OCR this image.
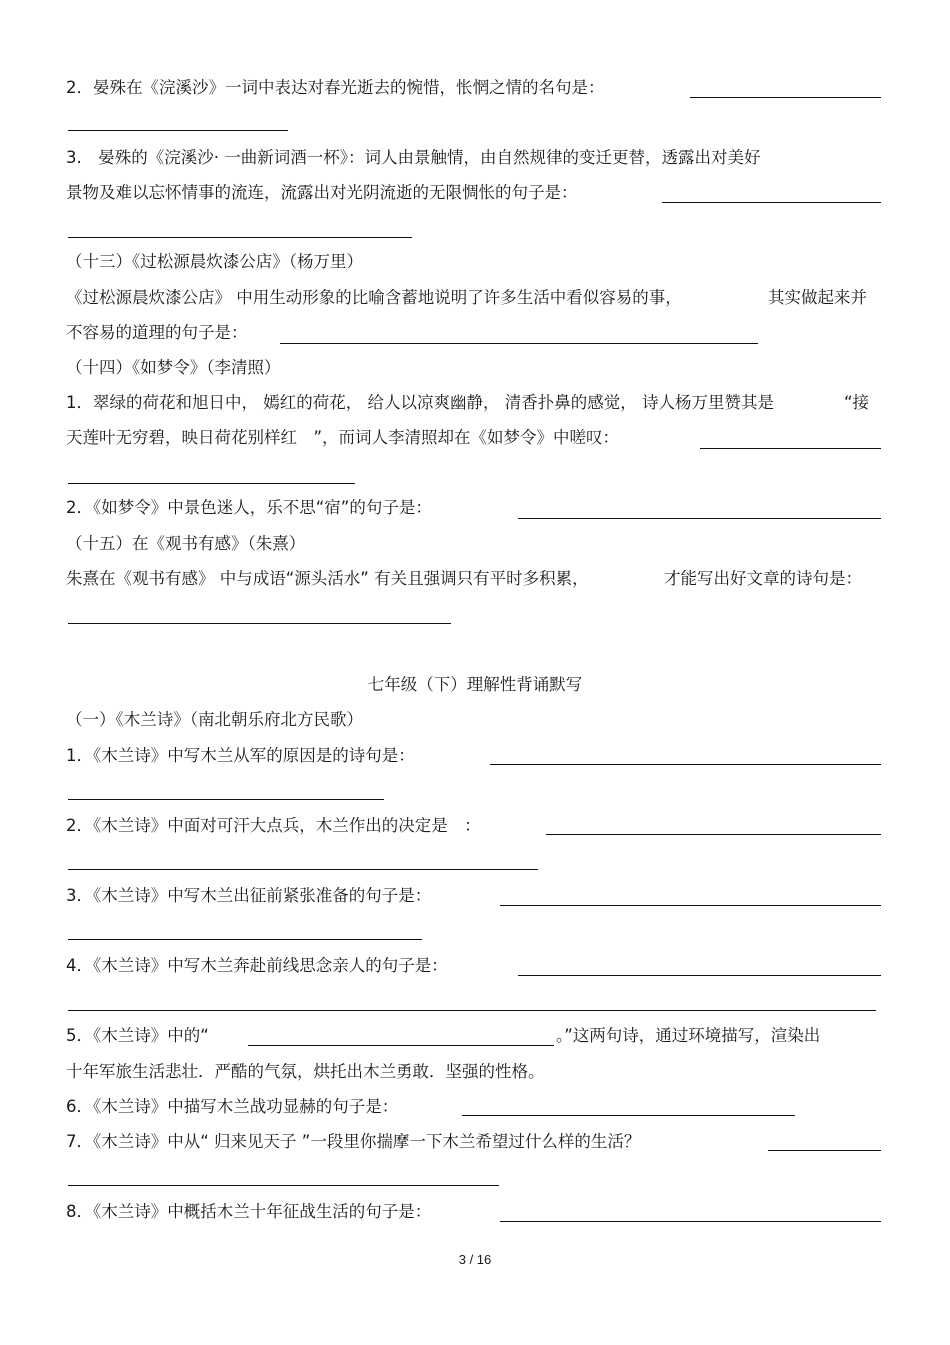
2．晏殊在《浣溪沙》一词中表达对春光逝去的惋惜，怅惘之情的名句是：
3.　晏殊的《浣溪沙· 一曲新词酒一杯》：词人由景触情，由自然规律的变迁更替，透露出对美好
景物及难以忘怀情事的流连，流露出对光阴流逝的无限惆怅的句子是：
（十三）《过松源晨炊漆公店》（杨万里）
《过松源晨炊漆公店》 中用生动形象的比喻含蓄地说明了许多生活中看似容易的事，	其实做起来并
不容易的道理的句子是：
（十四）《如梦令》（李清照）
1．翠绿的荷花和旭日中， 嫣红的荷花， 给人以凉爽幽静， 清香扑鼻的感觉， 诗人杨万里赞其是	“接
天莲叶无穷碧，映日荷花别样红　”，而词人李清照却在《如梦令》中嗟叹：
2．《如梦令》中景色迷人，乐不思“宿”的句子是：
（十五）在《观书有感》（朱熹）
朱熹在《观书有感》 中与成语“源头活水” 有关且强调只有平时多积累，	才能写出好文章的诗句是：
七年级（下）理解性背诵默写
（一）《木兰诗》（南北朝乐府北方民歌）
1．《木兰诗》中写木兰从军的原因是的诗句是：
2．《木兰诗》中面对可汗大点兵，木兰作出的决定是　：
3．《木兰诗》中写木兰出征前紧张准备的句子是：
4．《木兰诗》中写木兰奔赴前线思念亲人的句子是：
5．《木兰诗》中的“	。”这两句诗，通过环境描写，渲染出
十年军旅生活悲壮．严酷的气氛，烘托出木兰勇敢．坚强的性格。
6．《木兰诗》中描写木兰战功显赫的句子是：
7．《木兰诗》中从“ 归来见天子 ”一段里你揣摩一下木兰希望过什么样的生活？
8．《木兰诗》中概括木兰十年征战生活的句子是：
3 / 16
